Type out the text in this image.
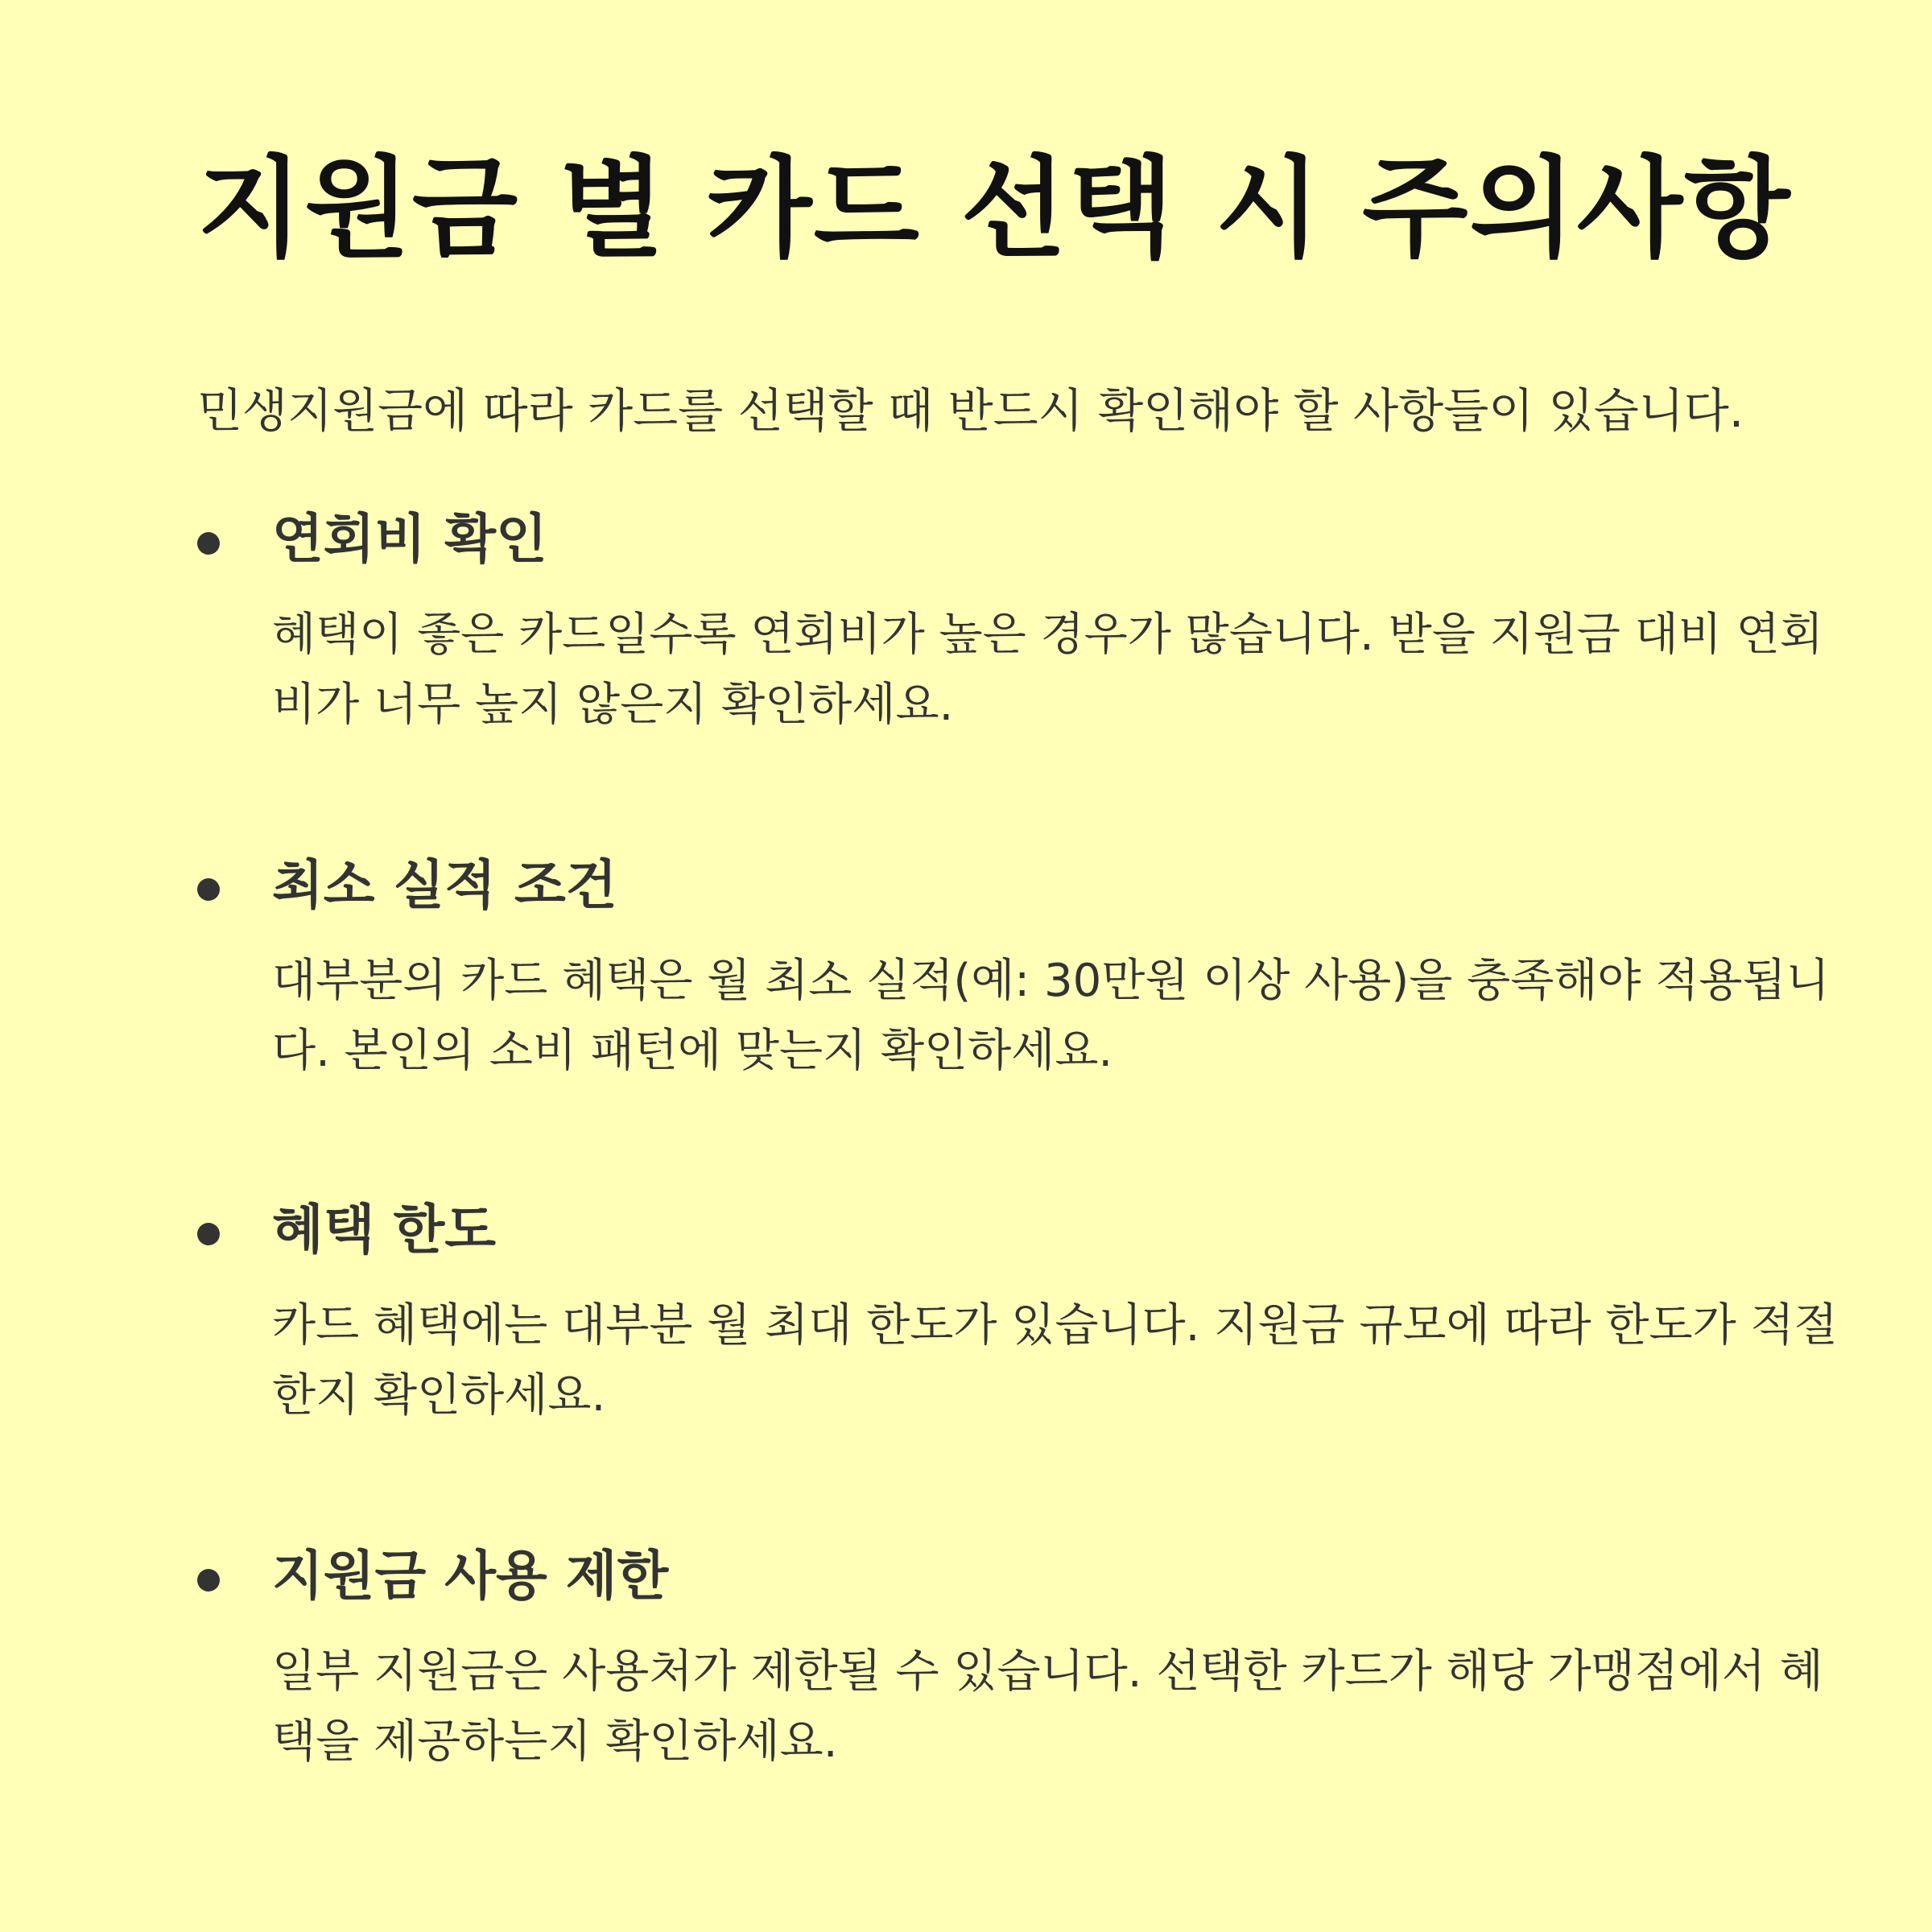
지원금 별 카드 선택 시 주의사항

민생지원금에 따라 카드를 선택할 때 반드시 확인해야 할 사항들이 있습니다.

연회비 확인
혜택이 좋은 카드일수록 연회비가 높은 경우가 많습니다. 받을 지원금 대비 연회비가 너무 높지 않은지 확인하세요.
최소 실적 조건
대부분의 카드 혜택은 월 최소 실적(예: 30만원 이상 사용)을 충족해야 적용됩니다. 본인의 소비 패턴에 맞는지 확인하세요.
혜택 한도
카드 혜택에는 대부분 월 최대 한도가 있습니다. 지원금 규모에 따라 한도가 적절한지 확인하세요.
지원금 사용 제한
일부 지원금은 사용처가 제한될 수 있습니다. 선택한 카드가 해당 가맹점에서 혜택을 제공하는지 확인하세요.
